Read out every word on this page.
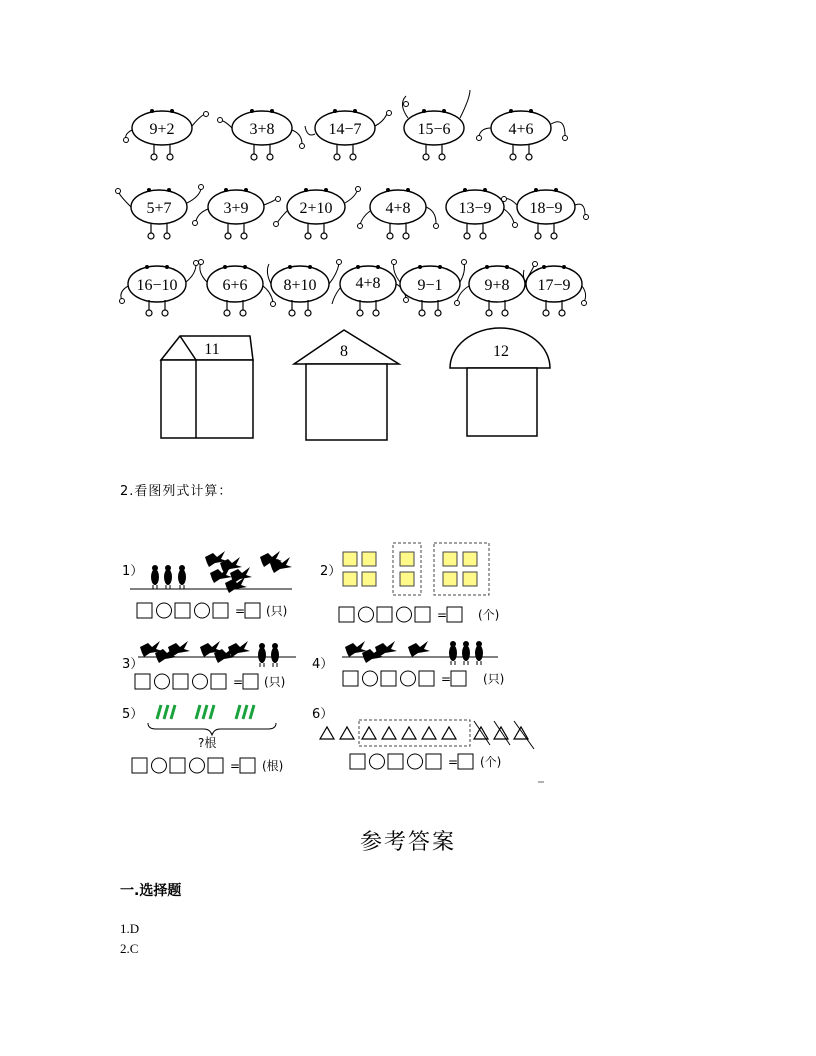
9+2	3+8	14−7	15−6	4+6
5+7	3+9	2+10	4+8	13−9 18−9
16−10	6+6 8+10 4+8 9−1	9+8 17−9
11	8	12
2.看图列式计算：
1）
= (只)
2）
=	(个)
3）
= (只)
4）
=	(只)
5）
?根
= (根)
6）
= (个)
参考答案
一.选择题
1.D
2.C
